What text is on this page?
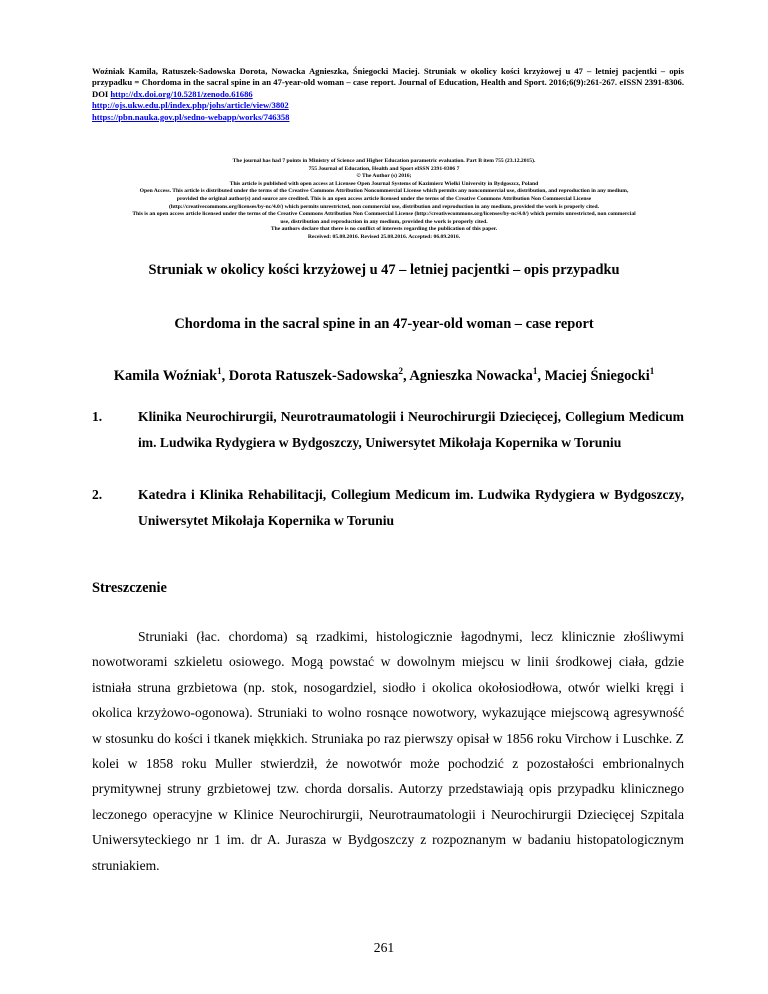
Woźniak Kamila, Ratuszek-Sadowska Dorota, Nowacka Agnieszka, Śniegocki Maciej. Struniak w okolicy kości krzyżowej u 47 – letniej pacjentki – opis przypadku = Chordoma in the sacral spine in an 47-year-old woman – case report. Journal of Education, Health and Sport. 2016;6(9):261-267. eISSN 2391-8306. DOI http://dx.doi.org/10.5281/zenodo.61686
http://ojs.ukw.edu.pl/index.php/johs/article/view/3802
https://pbn.nauka.gov.pl/sedno-webapp/works/746358
The journal has had 7 points in Ministry of Science and Higher Education parametric evaluation. Part B item 755 (23.12.2015).
755 Journal of Education, Health and Sport eISSN 2391-8306 7
© The Author (s) 2016;
This article is published with open access at Licensee Open Journal Systems of Kazimierz Wielki University in Bydgoszcz, Poland
Open Access. This article is distributed under the terms of the Creative Commons Attribution Noncommercial License which permits any noncommercial use, distribution, and reproduction in any medium,
provided the original author(s) and source are credited. This is an open access article licensed under the terms of the Creative Commons Attribution Non Commercial License
(http://creativecommons.org/licenses/by-nc/4.0/) which permits unrestricted, non commercial use, distribution and reproduction in any medium, provided the work is properly cited.
This is an open access article licensed under the terms of the Creative Commons Attribution Non Commercial License (http://creativecommons.org/licenses/by-nc/4.0/) which permits unrestricted, non commercial
use, distribution and reproduction in any medium, provided the work is properly cited.
The authors declare that there is no conflict of interests regarding the publication of this paper.
Received: 05.08.2016. Revised 25.08.2016. Accepted: 06.09.2016.
Struniak w okolicy kości krzyżowej u 47 – letniej pacjentki – opis przypadku
Chordoma in the sacral spine in an 47-year-old woman – case report
Kamila Woźniak$^1$, Dorota Ratuszek-Sadowska$^2$, Agnieszka Nowacka$^1$, Maciej Śniegocki$^1$
1.	Klinika Neurochirurgii, Neurotraumatologii i Neurochirurgii Dziecięcej, Collegium Medicum im. Ludwika Rydygiera w Bydgoszczy, Uniwersytet Mikołaja Kopernika w Toruniu
2.	Katedra i Klinika Rehabilitacji, Collegium Medicum im. Ludwika Rydygiera w Bydgoszczy, Uniwersytet Mikołaja Kopernika w Toruniu
Streszczenie
Struniaki (łac. chordoma) są rzadkimi, histologicznie łagodnymi, lecz klinicznie złośliwymi nowotworami szkieletu osiowego. Mogą powstać w dowolnym miejscu w linii środkowej ciała, gdzie istniała struna grzbietowa (np. stok, nosogardziel, siodło i okolica okołosiodłowa, otwór wielki kręgi i okolica krzyżowo-ogonowa). Struniaki to wolno rosnące nowotwory, wykazujące miejscową agresywność w stosunku do kości i tkanek miękkich. Struniaka po raz pierwszy opisał w 1856 roku Virchow i Luschke. Z kolei w 1858 roku Muller stwierdził, że nowotwór może pochodzić z pozostałości embrionalnych prymitywnej struny grzbietowej tzw. chorda dorsalis. Autorzy przedstawiają opis przypadku klinicznego leczonego operacyjne w Klinice Neurochirurgii, Neurotraumatologii i Neurochirurgii Dziecięcej Szpitala Uniwersyteckiego nr 1 im. dr A. Jurasza w Bydgoszczy z rozpoznanym w badaniu histopatologicznym struniakiem.
261
